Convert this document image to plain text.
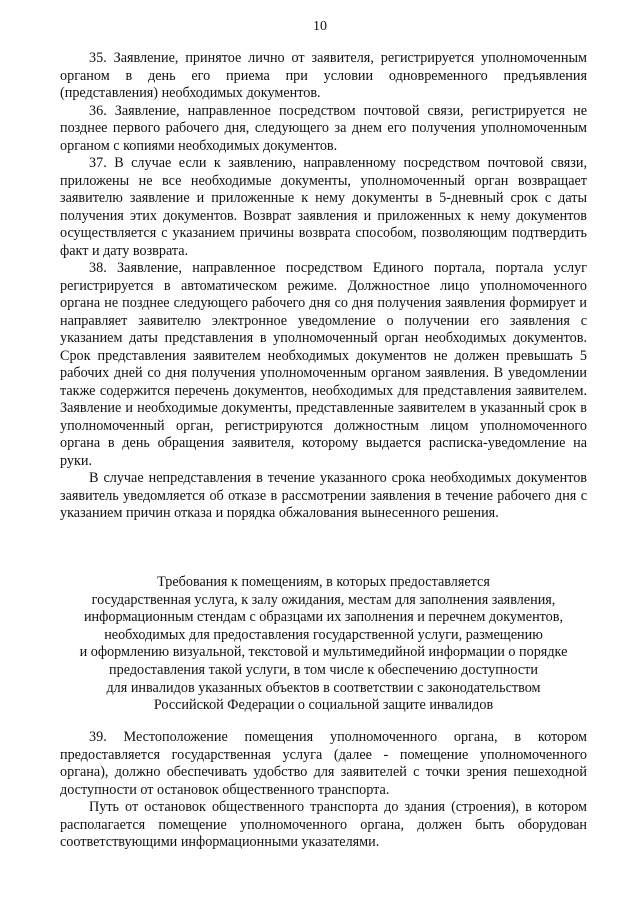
10

35. Заявление, принятое лично от заявителя, регистрируется уполномоченным органом в день его приема при условии одновременного предъявления (представления) необходимых документов.

36. Заявление, направленное посредством почтовой связи, регистрируется не позднее первого рабочего дня, следующего за днем его получения уполномоченным органом с копиями необходимых документов.

37. В случае если к заявлению, направленному посредством почтовой связи, приложены не все необходимые документы, уполномоченный орган возвращает заявителю заявление и приложенные к нему документы в 5-дневный срок с даты получения этих документов. Возврат заявления и приложенных к нему документов осуществляется с указанием причины возврата способом, позволяющим подтвердить факт и дату возврата.

38. Заявление, направленное посредством Единого портала, портала услуг регистрируется в автоматическом режиме. Должностное лицо уполномоченного органа не позднее следующего рабочего дня со дня получения заявления формирует и направляет заявителю электронное уведомление о получении его заявления с указанием даты представления в уполномоченный орган необходимых документов. Срок представления заявителем необходимых документов не должен превышать 5 рабочих дней со дня получения уполномоченным органом заявления. В уведомлении также содержится перечень документов, необходимых для представления заявителем. Заявление и необходимые документы, представленные заявителем в указанный срок в уполномоченный орган, регистрируются должностным лицом уполномоченного органа в день обращения заявителя, которому выдается расписка-уведомление на руки.

В случае непредставления в течение указанного срока необходимых документов заявитель уведомляется об отказе в рассмотрении заявления в течение рабочего дня с указанием причин отказа и порядка обжалования вынесенного решения.

Требования к помещениям, в которых предоставляется
государственная услуга, к залу ожидания, местам для заполнения заявления,
информационным стендам с образцами их заполнения и перечнем документов,
необходимых для предоставления государственной услуги, размещению
и оформлению визуальной, текстовой и мультимедийной информации о порядке
предоставления такой услуги, в том числе к обеспечению доступности
для инвалидов указанных объектов в соответствии с законодательством
Российской Федерации о социальной защите инвалидов

39. Местоположение помещения уполномоченного органа, в котором предоставляется государственная услуга (далее - помещение уполномоченного органа), должно обеспечивать удобство для заявителей с точки зрения пешеходной доступности от остановок общественного транспорта.

Путь от остановок общественного транспорта до здания (строения), в котором располагается помещение уполномоченного органа, должен быть оборудован соответствующими информационными указателями.
